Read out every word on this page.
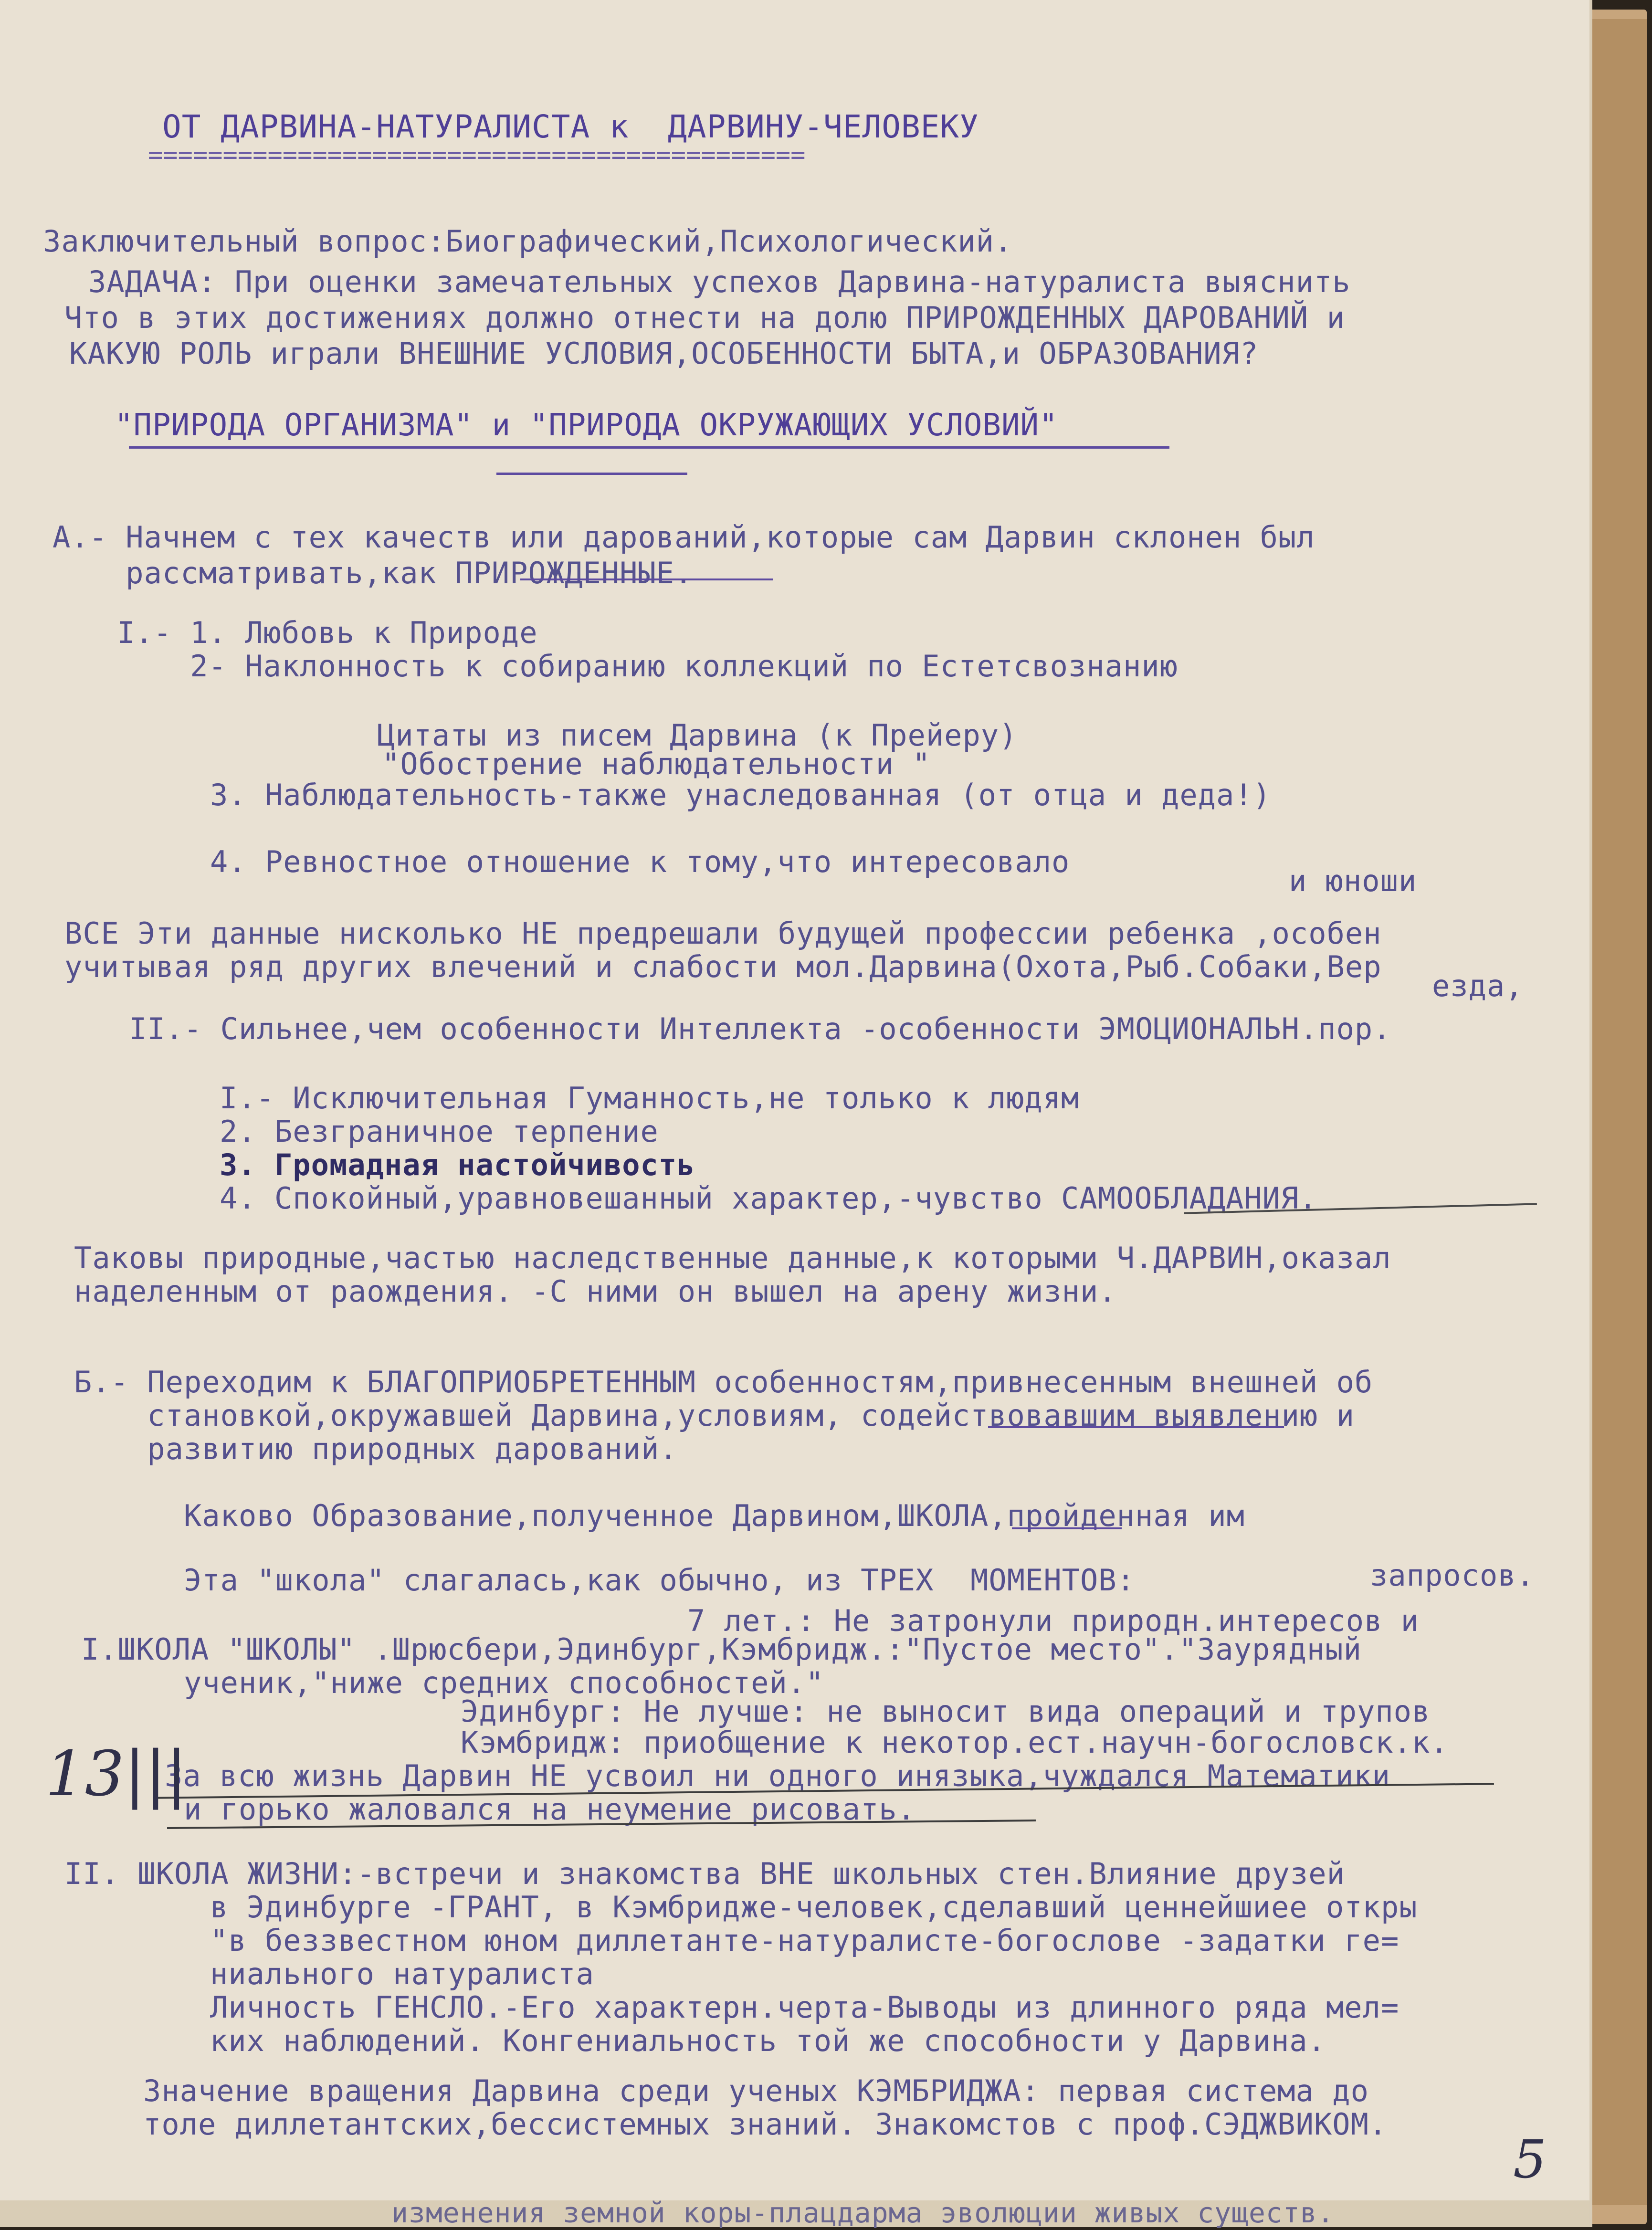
ОТ ДАРВИНА-НАТУРАЛИСТА к  ДАРВИНУ-ЧЕЛОВЕКУ
============================================
Заключительный вопрос:Биографический,Психологический.
ЗАДАЧА: При оценки замечательных успехов Дарвина-натуралиста выяснить
Что в этих достижениях должно отнести на долю ПРИРОЖДЕННЫХ ДАРОВАНИЙ и
КАКУЮ РОЛЬ играли ВНЕШНИЕ УСЛОВИЯ,ОСОБЕННОСТИ БЫТА,и ОБРАЗОВАНИЯ?
"ПРИРОДА ОРГАНИЗМА" и "ПРИРОДА ОКРУЖАЮЩИХ УСЛОВИЙ"
А.- Начнем с тех качеств или дарований,которые сам Дарвин склонен был
рассматривать,как ПРИРОЖДЕННЫЕ.
I.- 1. Любовь к Природе
2- Наклонность к собиранию коллекций по Естетсвознанию
Цитаты из писем Дарвина (к Прейеру)
"Обострение наблюдательности "
3. Наблюдательность-также унаследованная (от отца и деда!)
4. Ревностное отношение к тому,что интересовало
и юноши
ВСЕ Эти данные нисколько НЕ предрешали будущей профессии ребенка ,особен
учитывая ряд других влечений и слабости мол.Дарвина(Охота,Рыб.Собаки,Вер
езда,
II.- Сильнее,чем особенности Интеллекта -особенности ЭМОЦИОНАЛЬН.пор.
I.- Исключительная Гуманность,не только к людям
2. Безграничное терпение
3. Громадная настойчивость
4. Спокойный,уравновешанный характер,-чувство САМООБЛАДАНИЯ.
Таковы природные,частью наследственные данные,к которыми Ч.ДАРВИН,оказал
наделенным от раождения. -С ними он вышел на арену жизни.
Б.- Переходим к БЛАГОПРИОБРЕТЕННЫМ особенностям,привнесенным внешней об
становкой,окружавшей Дарвина,условиям, содействовавшим выявлению и
развитию природных дарований.
Каково Образование,полученное Дарвином,ШКОЛА,пройденная им
Эта "школа" слагалась,как обычно, из ТРЕХ  МОМЕНТОВ:	запросов.
7 лет.: Не затронули природн.интересов и
I.ШКОЛА "ШКОЛЫ" .Шрюсбери,Эдинбург,Кэмбридж.:"Пустое место"."Заурядный
ученик,"ниже средних способностей."
Эдинбург: Не лучше: не выносит вида операций и трупов
Кэмбридж: приобщение к некотор.ест.научн-богословск.к.
За всю жизнь Дарвин НЕ усвоил ни одного инязыка,чуждался Математики
и горько жаловался на неумение рисовать.
13|||
II. ШКОЛА ЖИЗНИ:-встречи и знакомства ВНЕ школьных стен.Влияние друзей
в Эдинбурге -ГРАНТ, в Кэмбридже-человек,сделавший ценнейшиее откры
"в беззвестном юном диллетанте-натуралисте-богослове -задатки ге=
ниального натуралиста
Личность ГЕНСЛО.-Его характерн.черта-Выводы из длинного ряда мел=
ких наблюдений. Конгениальность той же способности у Дарвина.
Значение вращения Дарвина среди ученых КЭМБРИДЖА: первая система до
толе диллетантских,бессистемных знаний. Знакомстов с проф.СЭДЖВИКОМ.
5
изменения земной коры-плацдарма эволюции живых существ.
